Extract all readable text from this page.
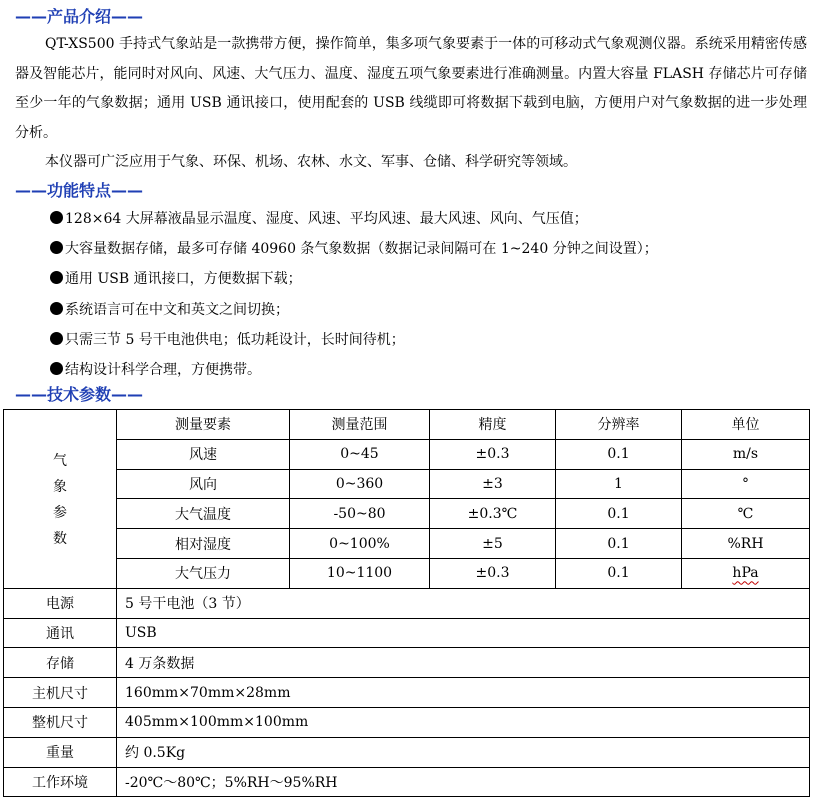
——产品介绍——

QT-XS500 手持式气象站是一款携带方便，操作简单，集多项气象要素于一体的可移动式气象观测仪器。系统采用精密传感器及智能芯片，能同时对风向、风速、大气压力、温度、湿度五项气象要素进行准确测量。内置大容量 FLASH 存储芯片可存储至少一年的气象数据；通用 USB 通讯接口，使用配套的 USB 线缆即可将数据下载到电脑，方便用户对气象数据的进一步处理分析。

本仪器可广泛应用于气象、环保、机场、农林、水文、军事、仓储、科学研究等领域。

——功能特点——
128×64 大屏幕液晶显示温度、湿度、风速、平均风速、最大风速、风向、气压值；
大容量数据存储，最多可存储 40960 条气象数据（数据记录间隔可在 1~240 分钟之间设置）；
通用 USB 通讯接口，方便数据下载；
系统语言可在中文和英文之间切换；
只需三节 5 号干电池供电；低功耗设计，长时间待机；
结构设计科学合理，方便携带。
——技术参数——
气
象
参
数	测量要素	测量范围	精度	分辨率	单位
	风速	0~45	±0.3	0.1	m/s
	风向	0~360	±3	1	°
	大气温度	-50~80	±0.3℃	0.1	℃
	相对湿度	0~100%	±5	0.1	%RH
	大气压力	10~1100	±0.3	0.1	hPa
电源	5 号干电池（3 节）				
通讯	USB				
存储	4 万条数据				
主机尺寸	160mm×70mm×28mm				
整机尺寸	405mm×100mm×100mm				
重量	约 0.5Kg				
工作环境	-20℃～80℃；5%RH～95%RH				
